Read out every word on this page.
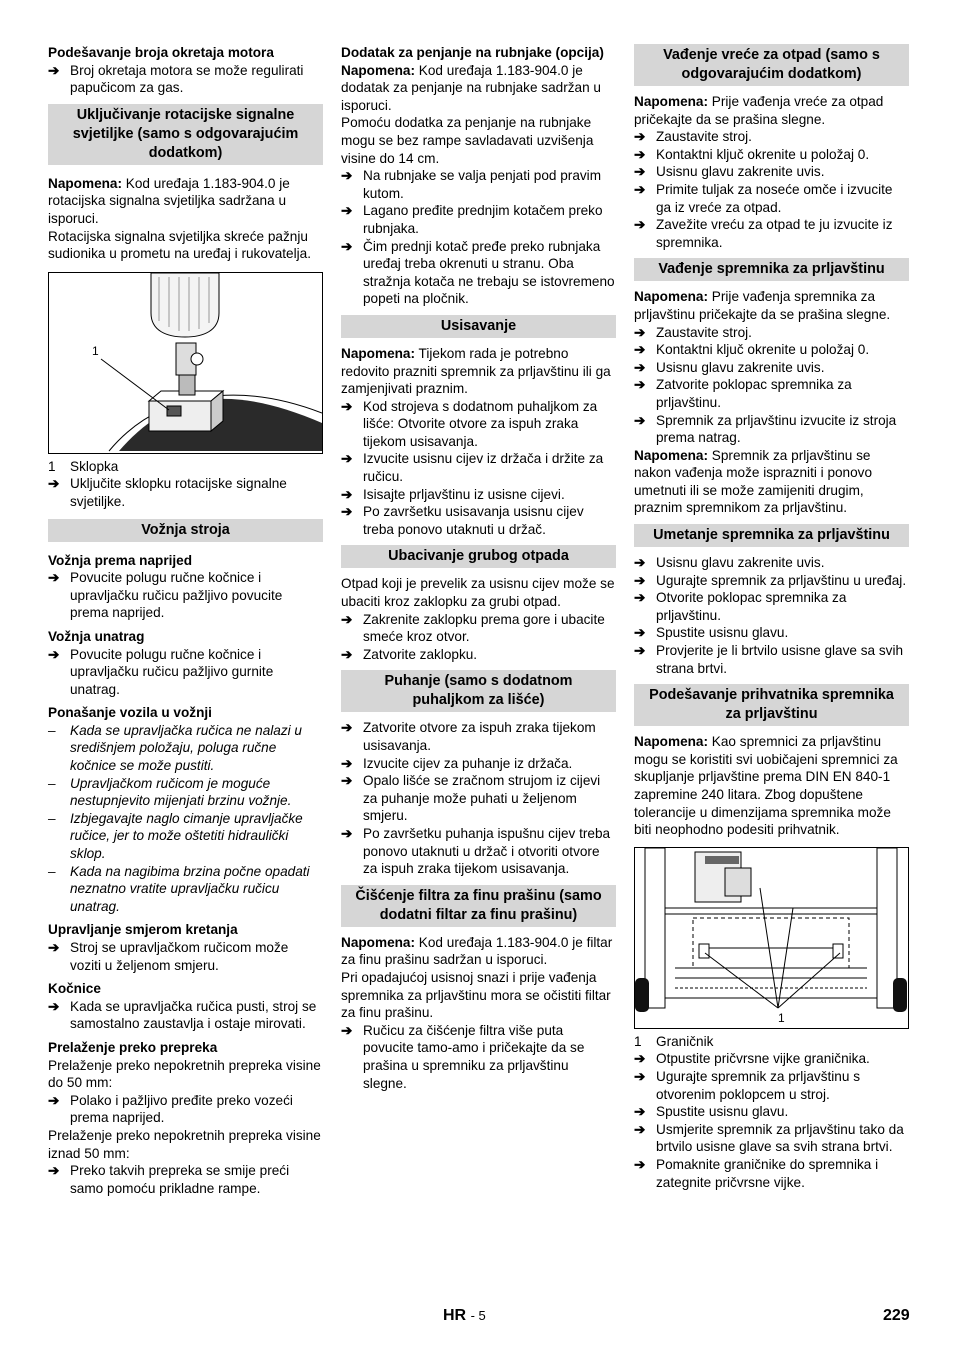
Podešavanje broja okretaja motora

➔ Broj okretaja motora se može regulirati papučicom za gas.
Uključivanje rotacijske signalne svjetiljke (samo s odgovarajućim dodatkom)

Napomena: Kod uređaja 1.183-904.0 je rotacijska signalna svjetiljka sadržana u isporuci.

Rotacijska signalna svjetiljka skreće pažnju sudionika u prometu na uređaj i rukovatelja.

1
1 Sklopka
➔ Uključite sklopku rotacijske signalne svjetiljke.
Vožnja stroja

Vožnja prema naprijed

➔ Povucite polugu ručne kočnice i upravljačku ručicu pažljivo povucite prema naprijed.

Vožnja unatrag

➔ Povucite polugu ručne kočnice i upravljačku ručicu pažljivo gurnite unatrag.

Ponašanje vozila u vožnji

– Kada se upravljačka ručica ne nalazi u središnjem položaju, poluga ručne kočnice se može pustiti.
– Upravljačkom ručicom je moguće nestupnjevito mijenjati brzinu vožnje.
– Izbjegavajte naglo cimanje upravljačke ručice, jer to može oštetiti hidraulički sklop.
– Kada na nagibima brzina počne opadati neznatno vratite upravljačku ručicu unatrag.

Upravljanje smjerom kretanja

➔ Stroj se upravljačkom ručicom može voziti u željenom smjeru.

Kočnice

➔ Kada se upravljačka ručica pusti, stroj se samostalno zaustavlja i ostaje mirovati.

Prelaženje preko prepreka

Prelaženje preko nepokretnih prepreka visine do 50 mm:

➔ Polako i pažljivo pređite preko vozeći prema naprijed.

Prelaženje preko nepokretnih prepreka visine iznad 50 mm:

➔ Preko takvih prepreka se smije preći samo pomoću prikladne rampe.

Dodatak za penjanje na rubnjake (opcija)

Napomena: Kod uređaja 1.183-904.0 je dodatak za penjanje na rubnjake sadržan u isporuci.

Pomoću dodatka za penjanje na rubnjake mogu se bez rampe savladavati uzvišenja visine do 14 cm.

➔ Na rubnjake se valja penjati pod pravim kutom.
➔ Lagano pređite prednjim kotačem preko rubnjaka.
➔ Čim prednji kotač pređe preko rubnjaka uređaj treba okrenuti u stranu. Oba stražnja kotača ne trebaju se istovremeno popeti na pločnik.
Usisavanje

Napomena: Tijekom rada je potrebno redovito prazniti spremnik za prljavštinu ili ga zamjenjivati praznim.

➔ Kod strojeva s dodatnom puhaljkom za lišće: Otvorite otvore za ispuh zraka tijekom usisavanja.
➔ Izvucite usisnu cijev iz držača i držite za ručicu.
➔ Isisajte prljavštinu iz usisne cijevi.
➔ Po završetku usisavanja usisnu cijev treba ponovo utaknuti u držač.
Ubacivanje grubog otpada

Otpad koji je prevelik za usisnu cijev može se ubaciti kroz zaklopku za grubi otpad.

➔ Zakrenite zaklopku prema gore i ubacite smeće kroz otvor.
➔ Zatvorite zaklopku.
Puhanje (samo s dodatnom puhaljkom za lišće)
➔ Zatvorite otvore za ispuh zraka tijekom usisavanja.
➔ Izvucite cijev za puhanje iz držača.
➔ Opalo lišće se zračnom strujom iz cijevi za puhanje može puhati u željenom smjeru.
➔ Po završetku puhanja ispušnu cijev treba ponovo utaknuti u držač i otvoriti otvore za ispuh zraka tijekom usisavanja.
Čišćenje filtra za finu prašinu (samo dodatni filtar za finu prašinu)

Napomena: Kod uređaja 1.183-904.0 je filtar za finu prašinu sadržan u isporuci.

Pri opadajućoj usisnoj snazi i prije vađenja spremnika za prljavštinu mora se očistiti filtar za finu prašinu.

➔ Ručicu za čišćenje filtra više puta povucite tamo-amo i pričekajte da se prašina u spremniku za prljavštinu slegne.
Vađenje vreće za otpad (samo s odgovarajućim dodatkom)

Napomena: Prije vađenja vreće za otpad pričekajte da se prašina slegne.

➔ Zaustavite stroj.
➔ Kontaktni ključ okrenite u položaj 0.
➔ Usisnu glavu zakrenite uvis.
➔ Primite tuljak za noseće omče i izvucite ga iz vreće za otpad.
➔ Zavežite vreću za otpad te ju izvucite iz spremnika.
Vađenje spremnika za prljavštinu

Napomena: Prije vađenja spremnika za prljavštinu pričekajte da se prašina slegne.

➔ Zaustavite stroj.
➔ Kontaktni ključ okrenite u položaj 0.
➔ Usisnu glavu zakrenite uvis.
➔ Zatvorite poklopac spremnika za prljavštinu.
➔ Spremnik za prljavštinu izvucite iz stroja prema natrag.

Napomena: Spremnik za prljavštinu se nakon vađenja može isprazniti i ponovo umetnuti ili se može zamijeniti drugim, praznim spremnikom za prljavštinu.

Umetanje spremnika za prljavštinu
➔ Usisnu glavu zakrenite uvis.
➔ Ugurajte spremnik za prljavštinu u uređaj.
➔ Otvorite poklopac spremnika za prljavštinu.
➔ Spustite usisnu glavu.
➔ Provjerite je li brtvilo usisne glave sa svih strana brtvi.
Podešavanje prihvatnika spremnika za prljavštinu

Napomena: Kao spremnici za prljavštinu mogu se koristiti svi uobičajeni spremnici za skupljanje prljavštine prema DIN EN 840-1 zapremine 240 litara. Zbog dopuštene tolerancije u dimenzijama spremnika može biti neophodno podesiti prihvatnik.

1
1 Graničnik
➔ Otpustite pričvrsne vijke graničnika.
➔ Ugurajte spremnik za prljavštinu s otvorenim poklopcem u stroj.
➔ Spustite usisnu glavu.
➔ Usmjerite spremnik za prljavštinu tako da brtvilo usisne glave sa svih strana brtvi.
➔ Pomaknite graničnike do spremnika i zategnite pričvrsne vijke.
HR - 5	229
